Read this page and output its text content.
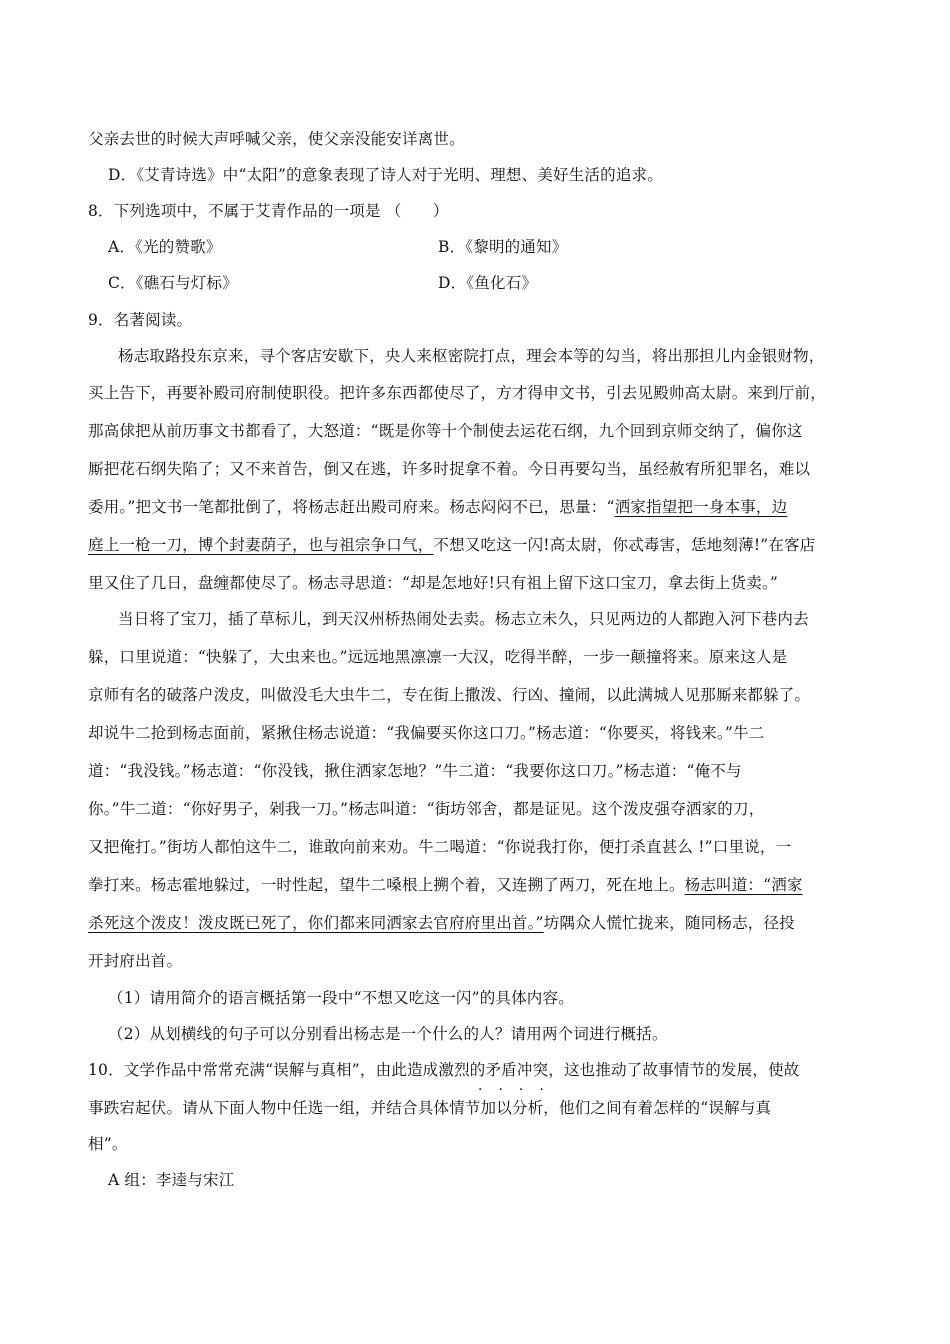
父亲去世的时候大声呼喊父亲，使父亲没能安详离世。
D．《艾青诗选》中“太阳”的意象表现了诗人对于光明、理想、美好生活的追求。
8．下列选项中，不属于艾青作品的一项是 （　　）
A．《光的赞歌》	B．《黎明的通知》
C．《礁石与灯标》	D．《鱼化石》
9．名著阅读。
杨志取路投东京来，寻个客店安歇下，央人来枢密院打点，理会本等的勾当，将出那担儿内金银财物，
买上告下，再要补殿司府制使职役。把许多东西都使尽了，方才得申文书，引去见殿帅高太尉。来到厅前，
那高俅把从前历事文书都看了，大怒道：“既是你等十个制使去运花石纲，九个回到京师交纳了，偏你这
厮把花石纲失陷了；又不来首告，倒又在逃，许多时捉拿不着。今日再要勾当，虽经赦宥所犯罪名，难以
委用。”把文书一笔都批倒了，将杨志赶出殿司府来。杨志闷闷不已，思量：“洒家指望把一身本事，边
庭上一枪一刀，博个封妻荫子，也与祖宗争口气，不想又吃这一闪!高太尉，你忒毒害，恁地刻薄!”在客店
里又住了几日，盘缠都使尽了。杨志寻思道：“却是怎地好!只有祖上留下这口宝刀，拿去街上货卖。”
当日将了宝刀，插了草标儿，到天汉州桥热闹处去卖。杨志立未久，只见两边的人都跑入河下巷内去
躲，口里说道：“快躲了，大虫来也。”远远地黑凛凛一大汉，吃得半醉，一步一颠撞将来。原来这人是
京师有名的破落户泼皮，叫做没毛大虫牛二，专在街上撒泼、行凶、撞闹，以此满城人见那厮来都躲了。
却说牛二抢到杨志面前，紧揪住杨志说道：“我偏要买你这口刀。”杨志道：“你要买，将钱来。”牛二
道：“我没钱。”杨志道：“你没钱，揪住洒家怎地？”牛二道：“我要你这口刀。”杨志道：“俺不与
你。”牛二道：“你好男子，剁我一刀。”杨志叫道：“街坊邻舍，都是证见。这个泼皮强夺洒家的刀，
又把俺打。”街坊人都怕这牛二，谁敢向前来劝。牛二喝道：“你说我打你，便打杀直甚么 !”口里说，一
拳打来。杨志霍地躲过，一时性起，望牛二嗓根上搠个着，又连搠了两刀，死在地上。杨志叫道：“洒家
杀死这个泼皮！泼皮既已死了，你们都来同洒家去官府府里出首。”坊隅众人慌忙拢来，随同杨志，径投
开封府出首。
（1）请用简介的语言概括第一段中“不想又吃这一闪”的具体内容。
（2）从划横线的句子可以分别看出杨志是一个什么的人？请用两个词进行概括。
10．文学作品中常常充满“误解与真相”，由此造成激烈的矛盾冲突，这也推动了故事情节的发展，使故
····
事跌宕起伏。请从下面人物中任选一组，并结合具体情节加以分析，他们之间有着怎样的“误解与真
相”。
A 组：李逵与宋江
